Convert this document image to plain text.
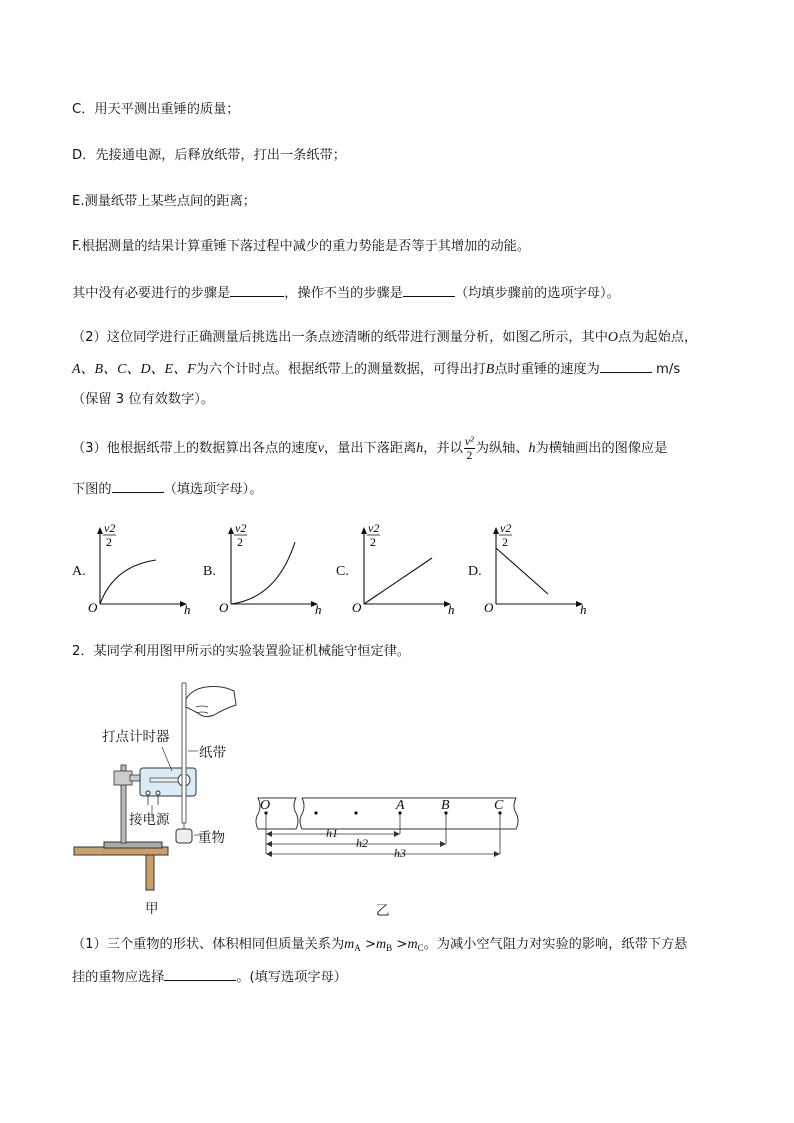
C．用天平测出重锤的质量；
D．先接通电源，后释放纸带，打出一条纸带；
E.测量纸带上某些点间的距离；
F.根据测量的结果计算重锤下落过程中减少的重力势能是否等于其增加的动能。
其中没有必要进行的步骤是	，操作不当的步骤是	（均填步骤前的选项字母）。
（2）这位同学进行正确测量后挑选出一条点迹清晰的纸带进行测量分析，如图乙所示，其中O点为起始点，
A、B、C、D、E、F为六个计时点。根据纸带上的测量数据，可得出打B点时重锤的速度为	m/s
（保留 3 位有效数字）。
（3）他根据纸带上的数据算出各点的速度v，量出下落距离h，并以 $\frac{\text{v²}}{2}$ 为纵轴、h为横轴画出的图像应是
下图的	（填选项字母）。
A.
v2
2
h
O
B.
v2
2
h
O
C.
v2
2
h
O
D.
v2
2
h
O
2．某同学利用图甲所示的实验装置验证机械能守恒定律。
打点计时器
纸带
接电源
重物
甲
O	A	B	C
h1
h2
h3
乙
（1）三个重物的形状、体积相同但质量关系为$m_A >m_B >m_C$。为减小空气阻力对实验的影响，纸带下方悬
挂的重物应选择	。(填写选项字母）
